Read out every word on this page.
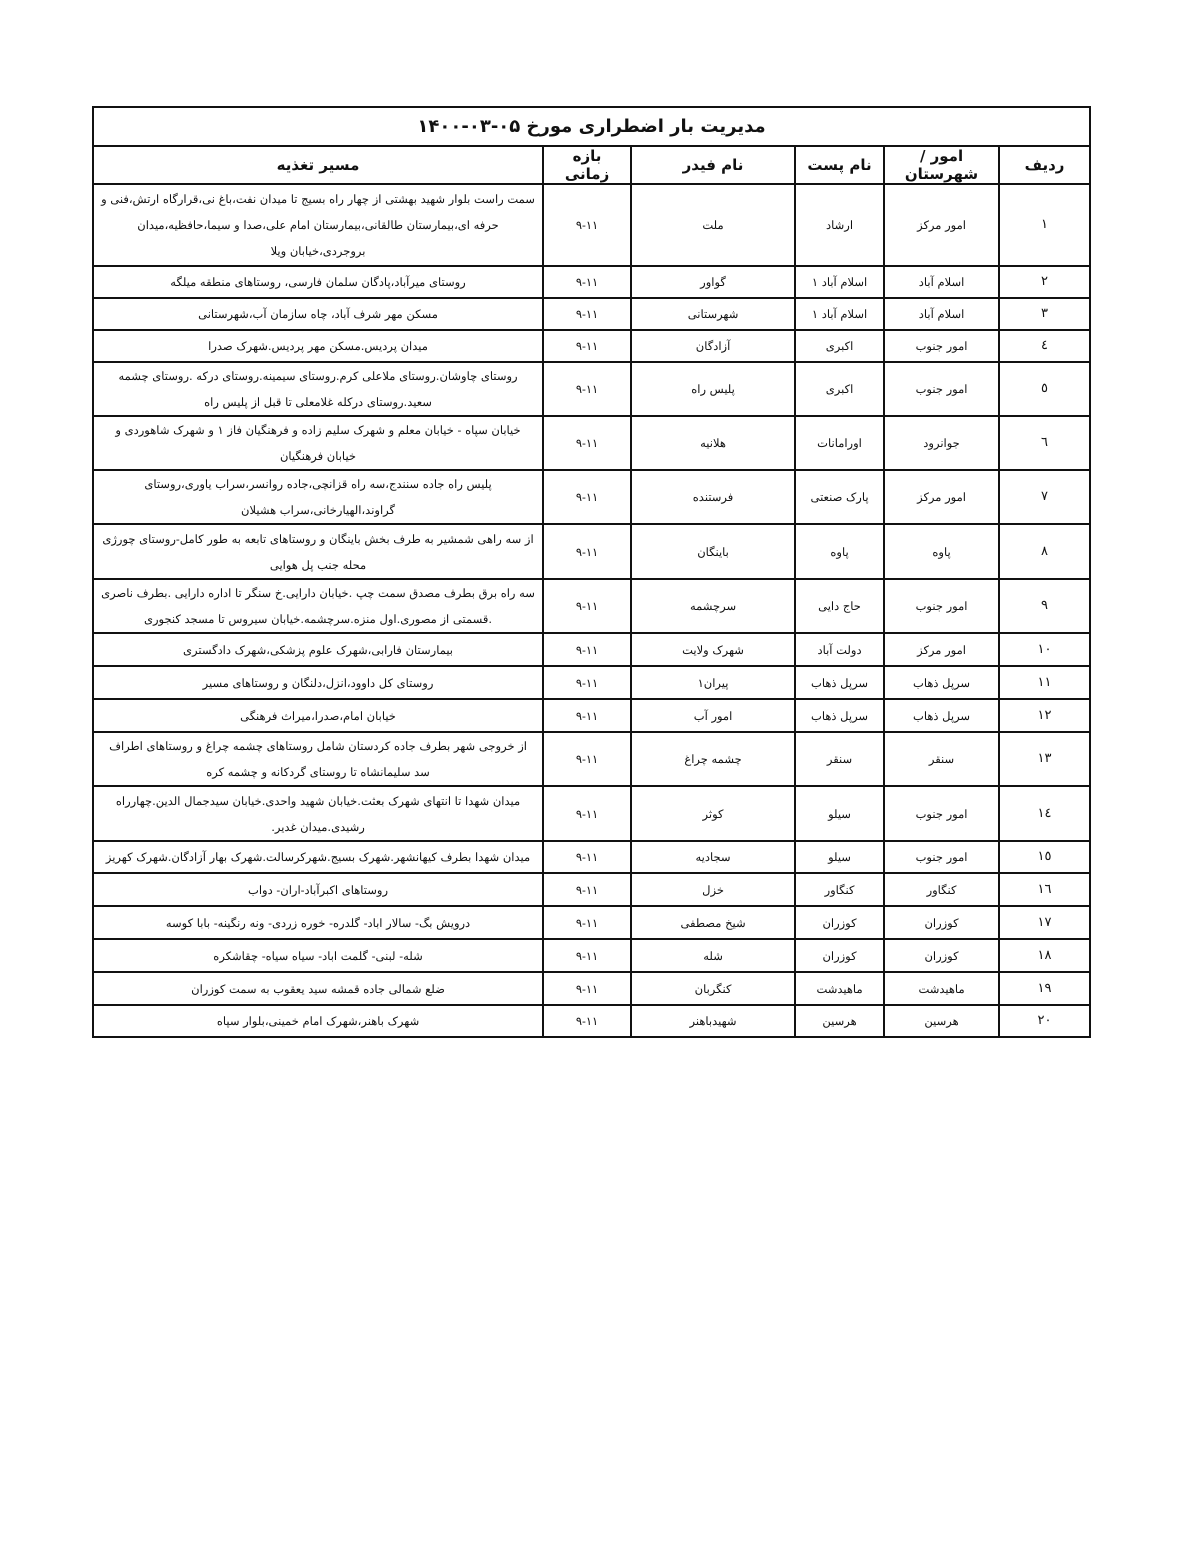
مدیریت بار اضطراری مورخ ۰۵-۰۳-۱۴۰۰					
ردیف	امور / شهرستان	نام پست	نام فیدر	بازه زمانی	مسیر تغذیه
۱	امور مرکز	ارشاد	ملت	۹-۱۱	سمت راست بلوار شهید بهشتی از چهار راه بسیج تا میدان نفت،باغ نی،قرارگاه ارتش،فنی و حرفه ای،بیمارستان طالقانی،بیمارستان امام علی،صدا و سیما،حافظیه،میدان بروجردی،خیابان ویلا
۲	اسلام آباد	اسلام آباد ۱	گواور	۹-۱۱	روستای میرآباد،پادگان سلمان فارسی، روستاهای منطقه میلگه
۳	اسلام آباد	اسلام آباد ۱	شهرستانی	۹-۱۱	مسکن مهر شرف آباد، چاه سازمان آب،شهرستانی
٤	امور جنوب	اکبری	آزادگان	۹-۱۱	میدان پردیس.مسکن مهر پردیس.شهرک صدرا
٥	امور جنوب	اکبری	پلیس راه	۹-۱۱	روستای چاوشان.روستای ملاعلی کرم.روستای سیمینه.روستای درکه .روستای چشمه سعید.روستای درکله غلامعلی تا قبل از پلیس راه
٦	جوانرود	اورامانات	هلانیه	۹-۱۱	خیابان سپاه - خیابان معلم و شهرک سلیم زاده و فرهنگیان فاز ۱ و شهرک شاهوردی و خیابان فرهنگیان
۷	امور مرکز	پارک صنعتی	فرستنده	۹-۱۱	پلیس راه جاده سنندج،سه راه قزانچی،جاده روانسر،سراب یاوری،روستای گراوند،الهیارخانی،سراب هشیلان
۸	پاوه	پاوه	باینگان	۹-۱۱	از سه راهی شمشیر به طرف بخش باینگان و روستاهای تابعه به طور کامل-روستای چورژی محله جنب پل هوایی
۹	امور جنوب	حاج دایی	سرچشمه	۹-۱۱	سه راه برق بطرف مصدق سمت چپ .خیابان دارایی.خ سنگر تا اداره دارایی .بطرف ناصری .قسمتی از مصوری.اول منزه.سرچشمه.خیابان سیروس تا مسجد کنجوری
۱۰	امور مرکز	دولت آباد	شهرک ولایت	۹-۱۱	بیمارستان فارابی،شهرک علوم پزشکی،شهرک دادگستری
۱۱	سرپل ذهاب	سرپل ذهاب	پیران۱	۹-۱۱	روستای کل داوود،انزل،دلنگان و روستاهای مسیر
۱۲	سرپل ذهاب	سرپل ذهاب	امور آب	۹-۱۱	خیابان امام،صدرا،میراث فرهنگی
۱۳	سنقر	سنقر	چشمه چراغ	۹-۱۱	از خروجی شهر بطرف جاده کردستان شامل روستاهای چشمه چراغ و روستاهای اطراف سد سلیمانشاه تا روستای گردکانه و چشمه کره
۱٤	امور جنوب	سیلو	کوثر	۹-۱۱	میدان شهدا تا انتهای شهرک بعثت.خیابان شهید واحدی.خیابان سیدجمال الدین.چهارراه رشیدی.میدان غدیر.
۱٥	امور جنوب	سیلو	سجادیه	۹-۱۱	میدان شهدا بطرف کیهانشهر.شهرک بسیج.شهرکرسالت.شهرک بهار آزادگان.شهرک کهریز
۱٦	کنگاور	کنگاور	خزل	۹-۱۱	روستاهای اکبرآباد-اران- دواب
۱۷	کوزران	کوزران	شیخ مصطفی	۹-۱۱	درویش بگ- سالار اباد- گلدره- خوره زردی- ونه رنگینه- بابا کوسه
۱۸	کوزران	کوزران	شله	۹-۱۱	شله- لبنی- گلمت اباد- سیاه سیاه- چقاشکره
۱۹	ماهیدشت	ماهیدشت	کنگربان	۹-۱۱	ضلع شمالی جاده قمشه سید یعقوب به سمت کوزران
۲۰	هرسین	هرسین	شهیدباهنر	۹-۱۱	شهرک باهنر،شهرک امام خمینی،بلوار سپاه
